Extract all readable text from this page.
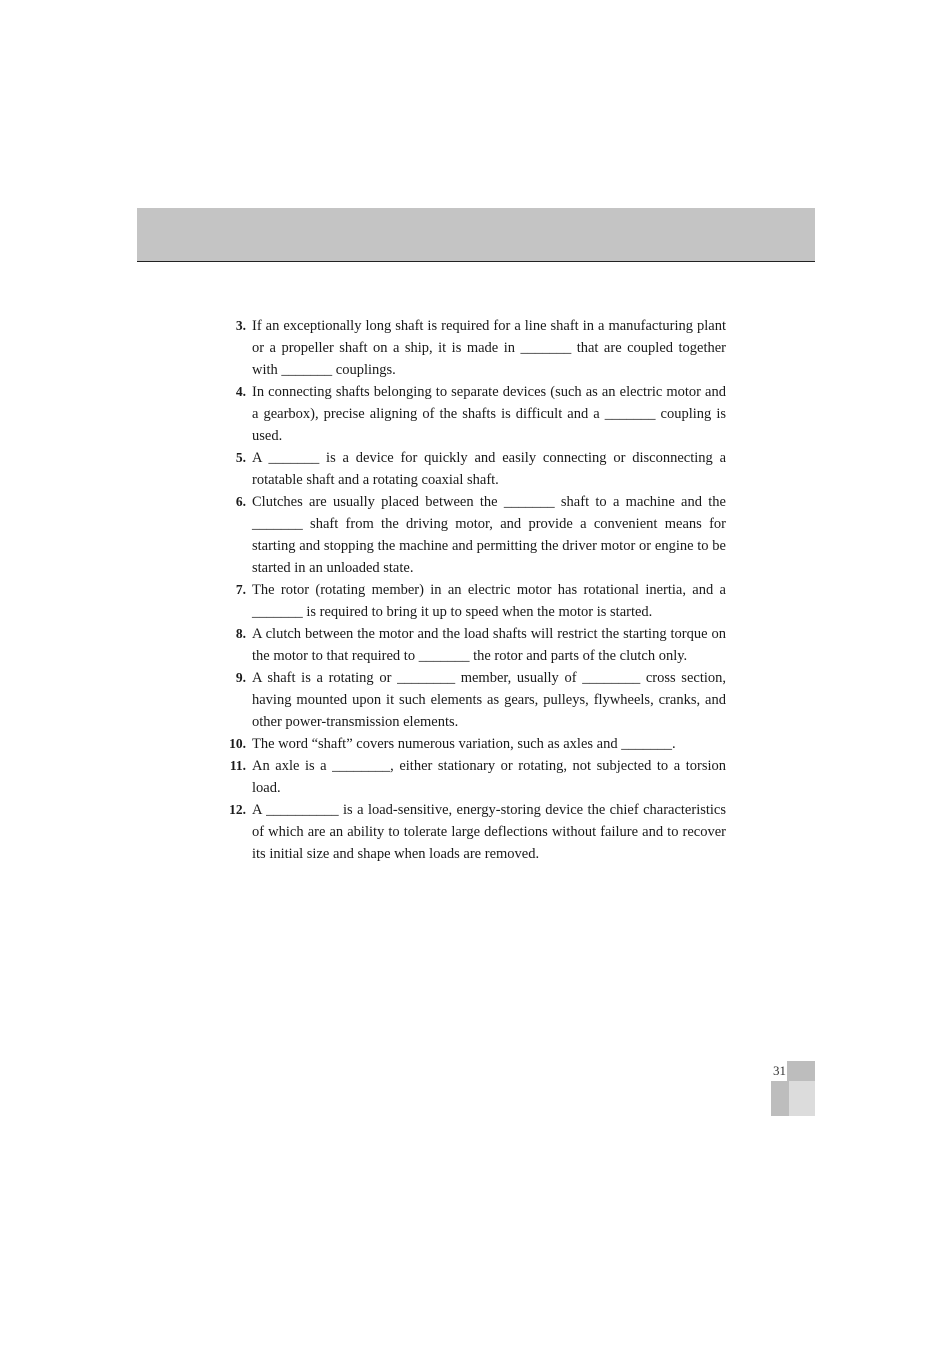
3. If an exceptionally long shaft is required for a line shaft in a manufacturing plant or a propeller shaft on a ship, it is made in _______ that are coupled together with _______ couplings.
4. In connecting shafts belonging to separate devices (such as an electric motor and a gearbox), precise aligning of the shafts is difficult and a _______ coupling is used.
5. A _______ is a device for quickly and easily connecting or disconnecting a rotatable shaft and a rotating coaxial shaft.
6. Clutches are usually placed between the _______ shaft to a machine and the _______ shaft from the driving motor, and provide a convenient means for starting and stopping the machine and permitting the driver motor or engine to be started in an unloaded state.
7. The rotor (rotating member) in an electric motor has rotational inertia, and a _______ is required to bring it up to speed when the motor is started.
8. A clutch between the motor and the load shafts will restrict the starting torque on the motor to that required to _______ the rotor and parts of the clutch only.
9. A shaft is a rotating or ________ member, usually of ________ cross section, having mounted upon it such elements as gears, pulleys, flywheels, cranks, and other power-transmission elements.
10. The word “shaft” covers numerous variation, such as axles and _______.
11. An axle is a ________, either stationary or rotating, not subjected to a torsion load.
12. A __________ is a load-sensitive, energy-storing device the chief characteristics of which are an ability to tolerate large deflections without failure and to recover its initial size and shape when loads are removed.
31
